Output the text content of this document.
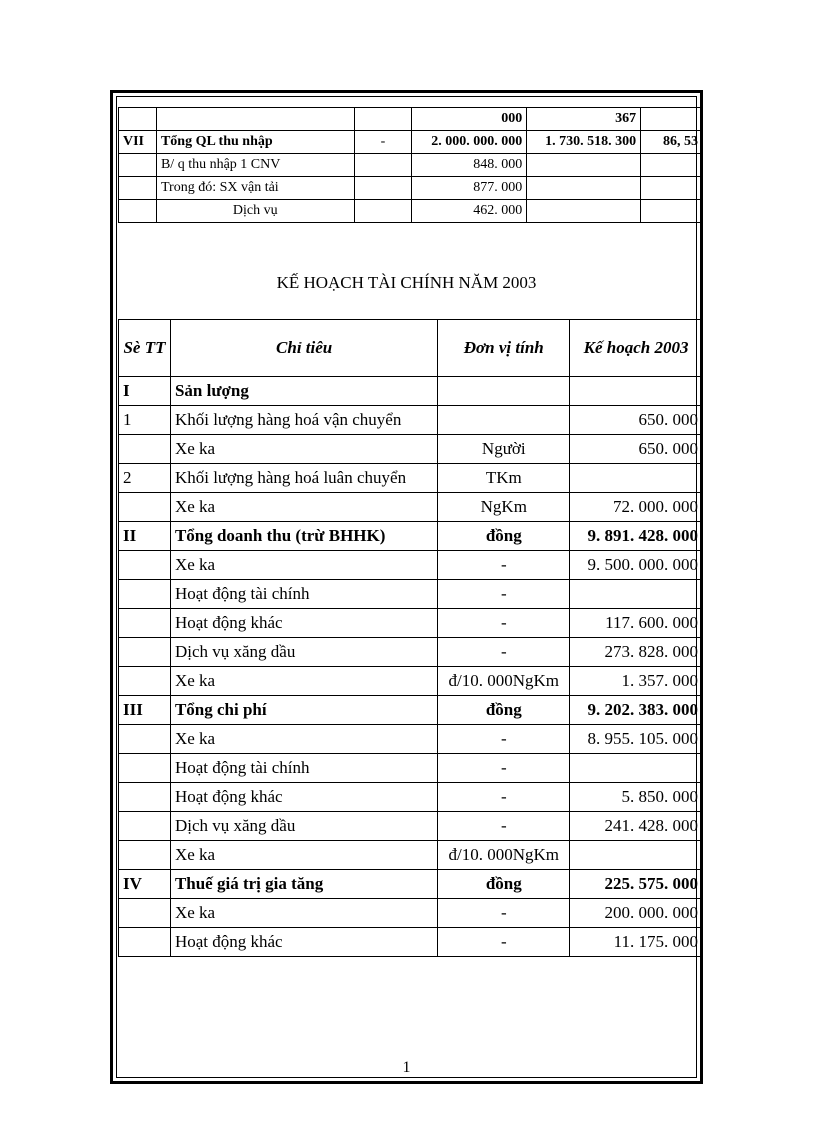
			000	367	
VII	Tổng QL thu nhập	-	2. 000. 000. 000	1. 730. 518. 300	86, 53
	B/ q thu nhập 1 CNV		848. 000		
	Trong đó: SX vận tải		877. 000		
	Dịch vụ		462. 000		
KẾ HOẠCH TÀI CHÍNH NĂM 2003
Sè TT	Chỉ tiêu	Đơn vị tính	Kế hoạch 2003
I	Sản lượng		
1	Khối lượng hàng hoá vận chuyển		650. 000
	Xe ka	Người	650. 000
2	Khối lượng hàng hoá luân chuyển	TKm	
	Xe ka	NgKm	72. 000. 000
II	Tổng doanh thu (trừ BHHK)	đồng	9. 891. 428. 000
	Xe ka	-	9. 500. 000. 000
	Hoạt động tài chính	-	
	Hoạt động khác	-	117. 600. 000
	Dịch vụ xăng dầu	-	273. 828. 000
	Xe ka	đ/10. 000NgKm	1. 357. 000
III	Tổng chi phí	đồng	9. 202. 383. 000
	Xe ka	-	8. 955. 105. 000
	Hoạt động tài chính	-	
	Hoạt động khác	-	5. 850. 000
	Dịch vụ xăng dầu	-	241. 428. 000
	Xe ka	đ/10. 000NgKm	
IV	Thuế giá trị gia tăng	đồng	225. 575. 000
	Xe ka	-	200. 000. 000
	Hoạt động khác	-	11. 175. 000
1
